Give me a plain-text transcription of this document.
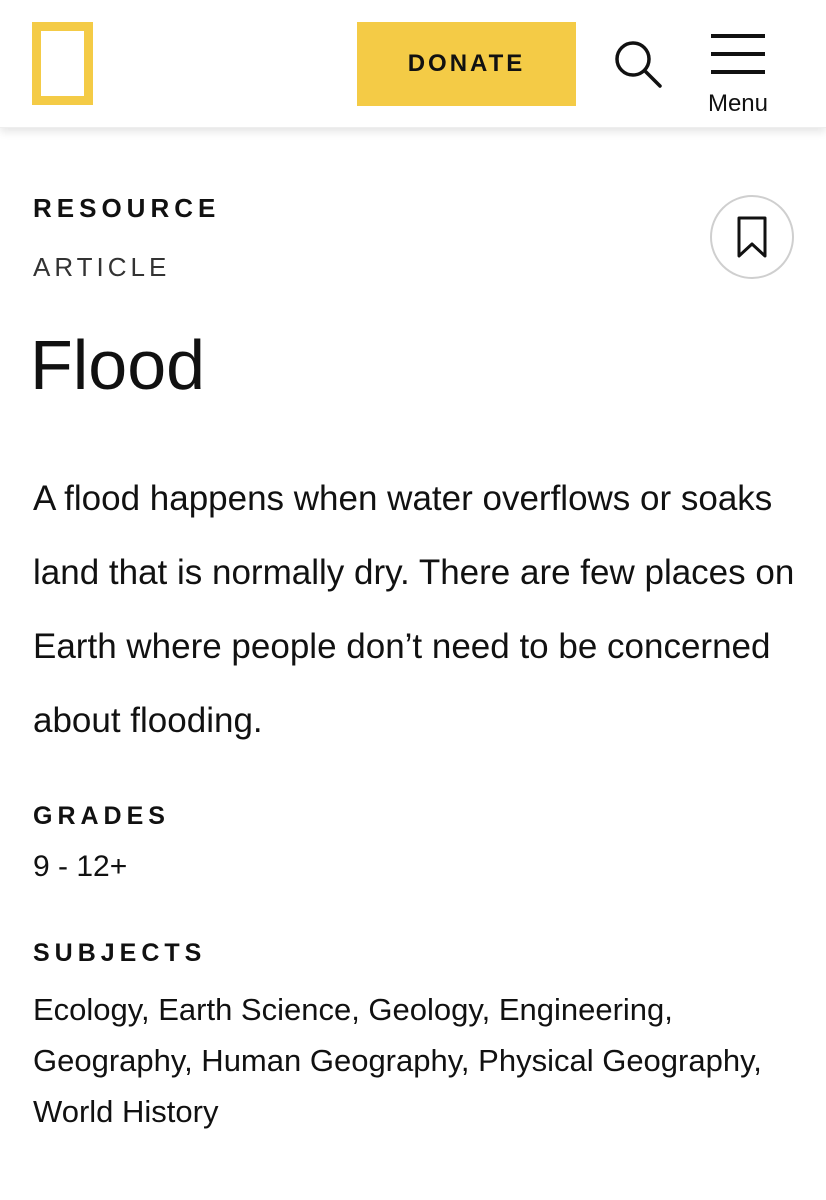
DONATE
Menu
RESOURCE
ARTICLE
Flood

A flood happens when water overflows or soaks land that is normally dry. There are few places on Earth where people don’t need to be concerned about flooding.

GRADES
9 - 12+
SUBJECTS
Ecology, Earth Science, Geology, Engineering, Geography, Human Geography, Physical Geography, World History
